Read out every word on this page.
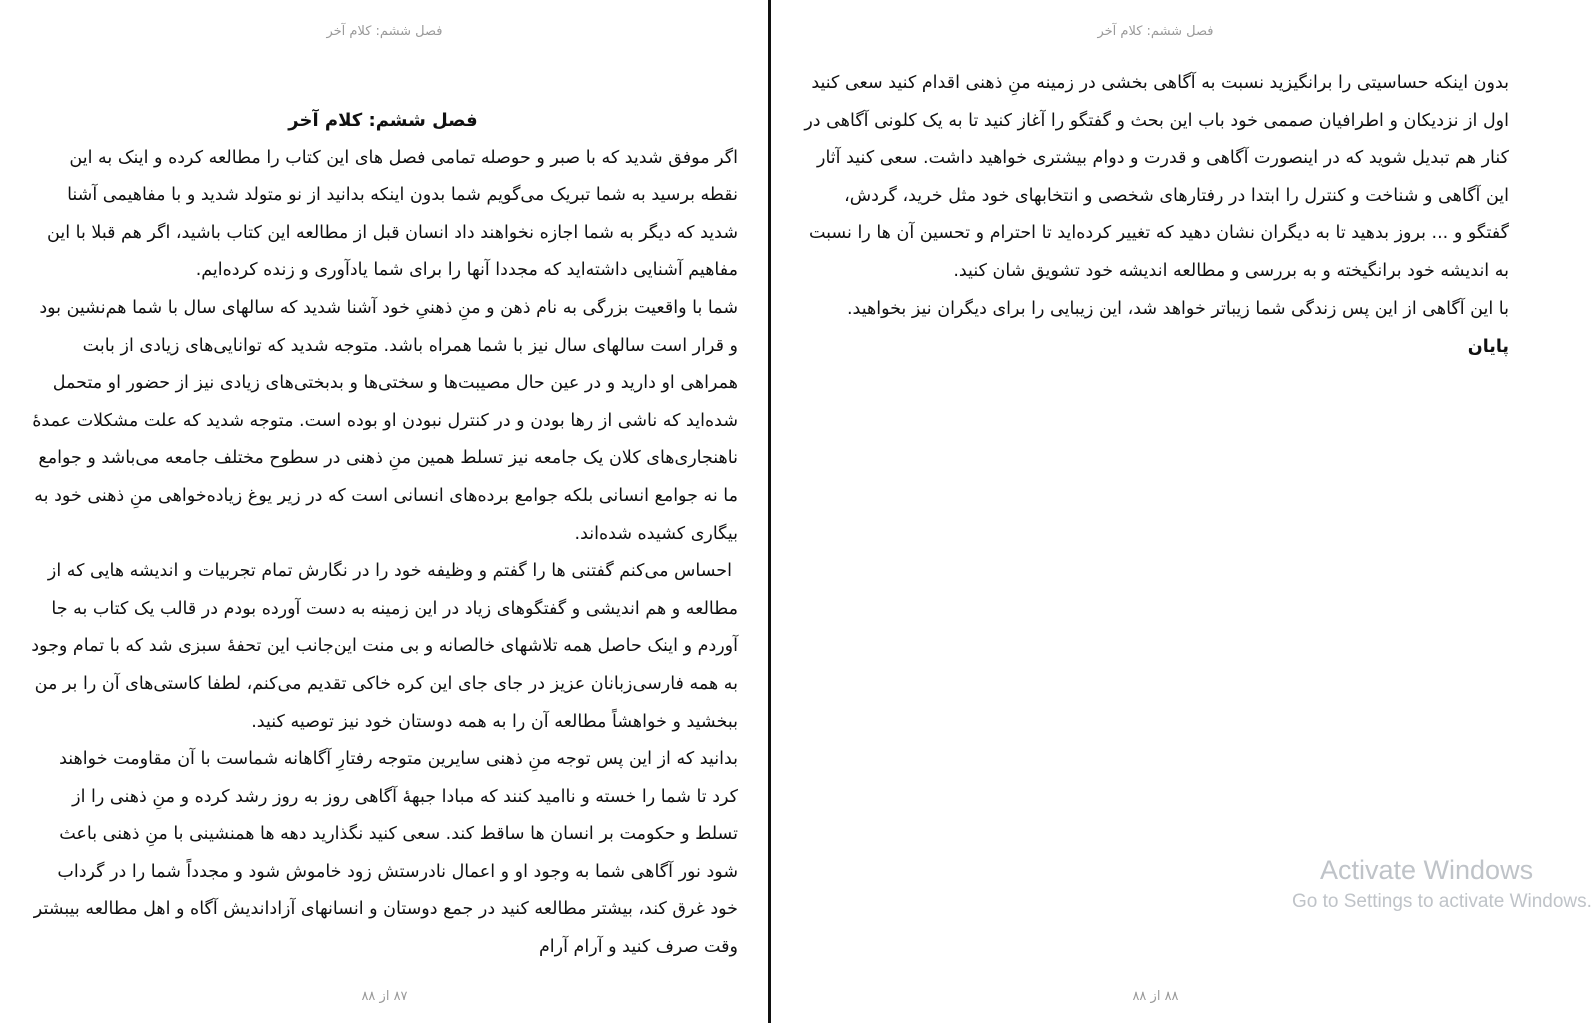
فصل ششم: کلام آخر
فصل ششم: کلام آخر

اگر موفق شدید که با صبر و حوصله تمامی فصل های این کتاب را مطالعه کرده و اینک به این نقطه برسید به شما تبریک می‌گویم شما بدون اینکه بدانید از نو متولد شدید و با مفاهیمی آشنا شدید که دیگر به شما اجازه نخواهند داد انسان قبل از مطالعه این کتاب باشید، اگر هم قبلا با این مفاهیم آشنایی داشته‌اید که مجددا آنها را برای شما یادآوری و زنده کرده‌ایم.

شما با واقعیت بزرگی به نام ذهن و منِ ذهنیِ خود آشنا شدید که سالهای سال با شما هم‌نشین بود و قرار است سالهای سال نیز با شما همراه باشد. متوجه شدید که توانایی‌های زیادی از بابت همراهی او دارید و در عین حال مصیبت‌ها و سختی‌ها و بدبختی‌های زیادی نیز از حضور او متحمل شده‌اید که ناشی از رها بودن و در کنترل نبودن او بوده است. متوجه شدید که علت مشکلات عمدهٔ ناهنجاری‌های کلان یک جامعه نیز تسلط همین منِ ذهنی در سطوح مختلف جامعه می‌باشد و جوامع ما نه جوامع انسانی بلکه جوامع برده‌های انسانی است که در زیر یوغ زیاده‌خواهی منِ ذهنی خود به بیگاری کشیده شده‌اند.

احساس می‌کنم گفتنی ها را گفتم و وظیفه خود را در نگارش تمام تجربیات و اندیشه هایی که از مطالعه و هم اندیشی و گفتگوهای زیاد در این زمینه به دست آورده بودم در قالب یک کتاب به جا آوردم و اینک حاصل همه تلاشهای خالصانه و بی منت این‌جانب این تحفهٔ سبزی شد که با تمام وجود به همه فارسی‌زبانان عزیز در جای جای این کره خاکی تقدیم می‌کنم، لطفا کاستی‌های آن را بر من ببخشید و خواهشاً مطالعه آن را به همه دوستان خود نیز توصیه کنید.

بدانید که از این پس توجه منِ ذهنی سایرین متوجه رفتارِ آگاهانه شماست با آن مقاومت خواهند کرد تا شما را خسته و ناامید کنند که مبادا جبههٔ آگاهی روز به روز رشد کرده و منِ ذهنی را از تسلط و حکومت بر انسان ها ساقط کند. سعی کنید نگذارید دهه ها همنشینی با منِ ذهنی باعث شود نور آگاهی شما به وجود او و اعمال نادرستش زود خاموش شود و مجدداً شما را در گرداب خود غرق کند، بیشتر مطالعه کنید در جمع دوستان و انسانهای آزاداندیش آگاه و اهل مطالعه بیبشتر وقت صرف کنید و آرام آرام

۸۷ از ۸۸
فصل ششم: کلام آخر

بدون اینکه حساسیتی را برانگیزید نسبت به آگاهی بخشی در زمینه منِ ذهنی اقدام کنید سعی کنید اول از نزدیکان و اطرافیان صممی خود باب این بحث و گفتگو را آغاز کنید تا به یک کلونی آگاهی در کنار هم تبدیل شوید که در اینصورت آگاهی و قدرت و دوام بیشتری خواهید داشت. سعی کنید آثار این آگاهی و شناخت و کنترل را ابتدا در رفتارهای شخصی و انتخابهای خود مثل خرید، گردش، گفتگو و ... بروز بدهید تا به دیگران نشان دهید که تغییر کرده‌اید تا احترام و تحسین آن ها را نسبت به اندیشه خود برانگیخته و به بررسی و مطالعه اندیشه خود تشویق شان کنید.

با این آگاهی از این پس زندگی شما زیباتر خواهد شد، این زیبایی را برای دیگران نیز بخواهید.

پایان

۸۸ از ۸۸
Activate Windows
Go to Settings to activate Windows.
